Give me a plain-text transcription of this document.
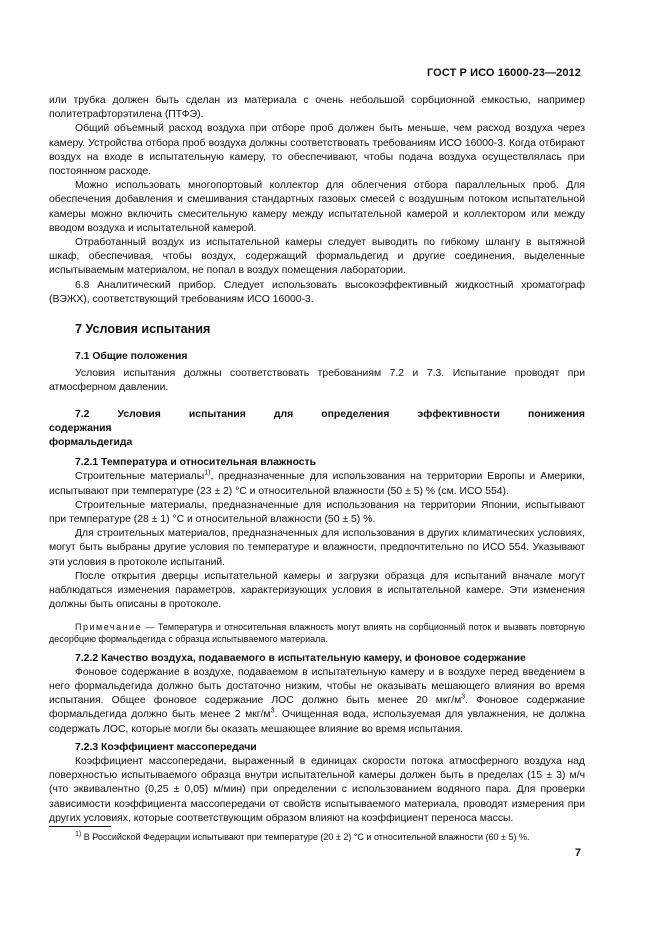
ГОСТ Р ИСО 16000-23—2012

или трубка должен быть сделан из материала с очень небольшой сорбционной емкостью, например политетрафторэтилена (ПТФЭ).

Общий объемный расход воздуха при отборе проб должен быть меньше, чем расход воздуха через камеру. Устройства отбора проб воздуха должны соответствовать требованиям ИСО 16000-3. Когда отбирают воздух на входе в испытательную камеру, то обеспечивают, чтобы подача воздуха осуществлялась при постоянном расходе.

Можно использовать многопортовый коллектор для облегчения отбора параллельных проб. Для обеспечения добавления и смешивания стандартных газовых смесей с воздушным потоком испытательной камеры можно включить смесительную камеру между испытательной камерой и коллектором или между вводом воздуха и испытательной камерой.

Отработанный воздух из испытательной камеры следует выводить по гибкому шлангу в вытяжной шкаф, обеспечивая, чтобы воздух, содержащий формальдегид и другие соединения, выделенные испытываемым материалом, не попал в воздух помещения лаборатории.

6.8 Аналитический прибор. Следует использовать высокоэффективный жидкостный хроматограф (ВЭЖХ), соответствующий требованиям ИСО 16000-3.

7 Условия испытания
7.1 Общие положения

Условия испытания должны соответствовать требованиям 7.2 и 7.3. Испытание проводят при атмосферном давлении.

7.2 Условия испытания для определения эффективности понижения содержания
формальдегида
7.2.1 Температура и относительная влажность

Строительные материалы$^{1)}$, предназначенные для использования на территории Европы и Америки, испытывают при температуре (23 ± 2) °С и относительной влажности (50 ± 5) % (см. ИСО 554).

Строительные материалы, предназначенные для использования на территории Японии, испытывают при температуре (28 ± 1) °С и относительной влажности (50 ± 5) %.

Для строительных материалов, предназначенных для использования в других климатических условиях, могут быть выбраны другие условия по температуре и влажности, предпочтительно по ИСО 554. Указывают эти условия в протоколе испытаний.

После открытия дверцы испытательной камеры и загрузки образца для испытаний вначале могут наблюдаться изменения параметров, характеризующих условия в испытательной камере. Эти изменения должны быть описаны в протоколе.

Примечание — Температура и относительная влажность могут влиять на сорбционный поток и вызвать повторную десорбцию формальдегида с образца испытываемого материала.

7.2.2 Качество воздуха, подаваемого в испытательную камеру, и фоновое содержание

Фоновое содержание в воздухе, подаваемом в испытательную камеру и в воздухе перед введением в него формальдегида должно быть достаточно низким, чтобы не оказывать мешающего влияния во время испытания. Общее фоновое содержание ЛОС должно быть менее 20 мкг/$м^3$. Фоновое содержание формальдегида должно быть менее 2 мкг/$м^3$. Очищенная вода, используемая для увлажнения, не должна содержать ЛОС, которые могли бы оказать мешающее влияние во время испытания.

7.2.3 Коэффициент массопередачи

Коэффициент массопередачи, выраженный в единицах скорости потока атмосферного воздуха над поверхностью испытываемого образца внутри испытательной камеры должен быть в пределах (15 ± 3) м/ч (что эквивалентно (0,25 ± 0,05) м/мин) при определении с использованием водяного пара. Для проверки зависимости коэффициента массопередачи от свойств испытываемого материала, проводят измерения при других условиях, которые соответствующим образом влияют на коэффициент переноса массы.

$^{1)}$ В Российской Федерации испытывают при температуре (20 ± 2) °С и относительной влажности (60 ± 5) %.
7
